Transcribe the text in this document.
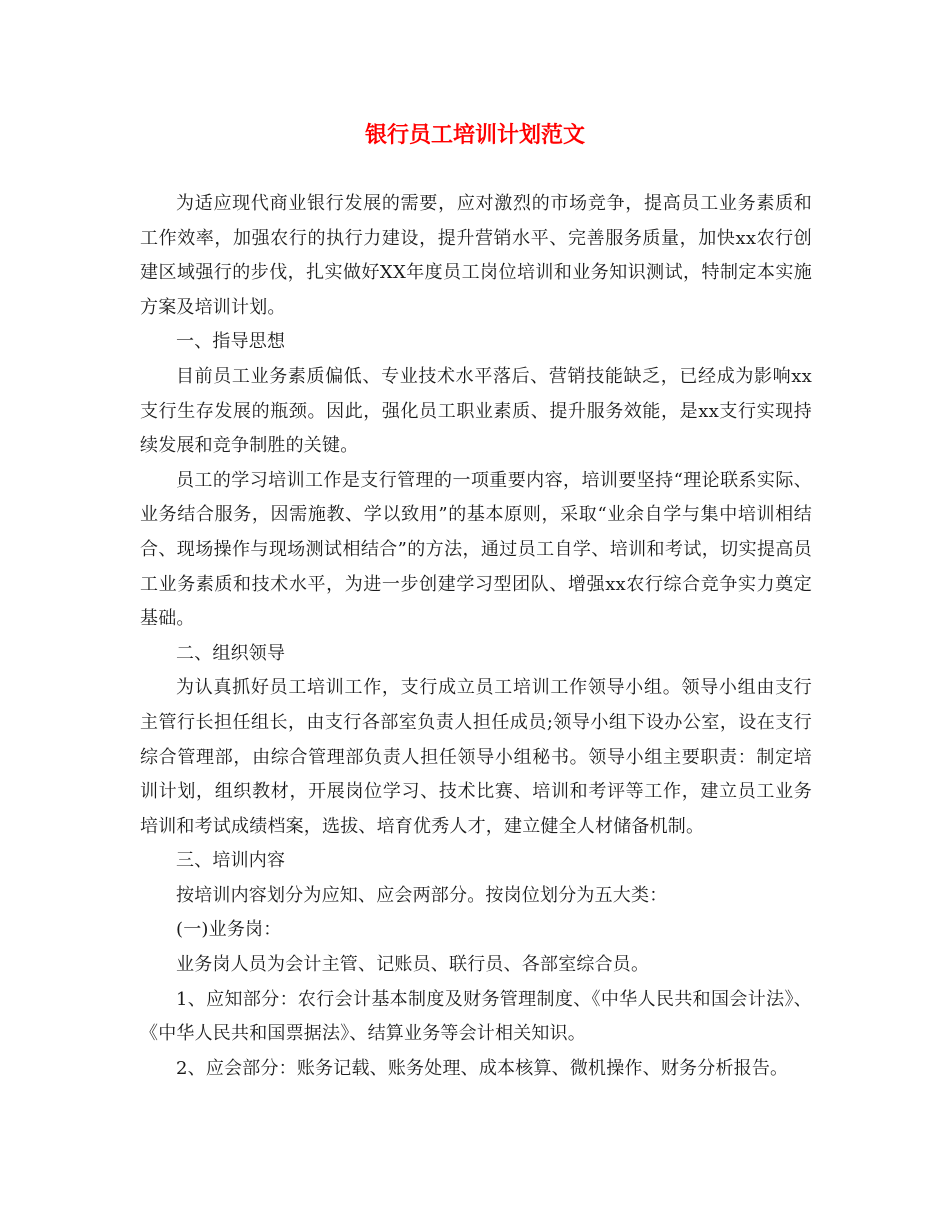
银行员工培训计划范文

为适应现代商业银行发展的需要，应对激烈的市场竞争，提高员工业务素质和工作效率，加强农行的执行力建设，提升营销水平、完善服务质量，加快xx农行创建区域强行的步伐，扎实做好XX年度员工岗位培训和业务知识测试，特制定本实施方案及培训计划。

一、指导思想

目前员工业务素质偏低、专业技术水平落后、营销技能缺乏，已经成为影响xx支行生存发展的瓶颈。因此，强化员工职业素质、提升服务效能，是xx支行实现持续发展和竞争制胜的关键。

员工的学习培训工作是支行管理的一项重要内容，培训要坚持“理论联系实际、业务结合服务，因需施教、学以致用”的基本原则，采取“业余自学与集中培训相结合、现场操作与现场测试相结合”的方法，通过员工自学、培训和考试，切实提高员工业务素质和技术水平，为进一步创建学习型团队、增强xx农行综合竞争实力奠定基础。

二、组织领导

为认真抓好员工培训工作，支行成立员工培训工作领导小组。领导小组由支行主管行长担任组长，由支行各部室负责人担任成员;领导小组下设办公室，设在支行综合管理部，由综合管理部负责人担任领导小组秘书。领导小组主要职责：制定培训计划，组织教材，开展岗位学习、技术比赛、培训和考评等工作，建立员工业务培训和考试成绩档案，选拔、培育优秀人才，建立健全人材储备机制。

三、培训内容

按培训内容划分为应知、应会两部分。按岗位划分为五大类：

(一)业务岗：

业务岗人员为会计主管、记账员、联行员、各部室综合员。

1、应知部分：农行会计基本制度及财务管理制度、《中华人民共和国会计法》、《中华人民共和国票据法》、结算业务等会计相关知识。

2、应会部分：账务记载、账务处理、成本核算、微机操作、财务分析报告。
